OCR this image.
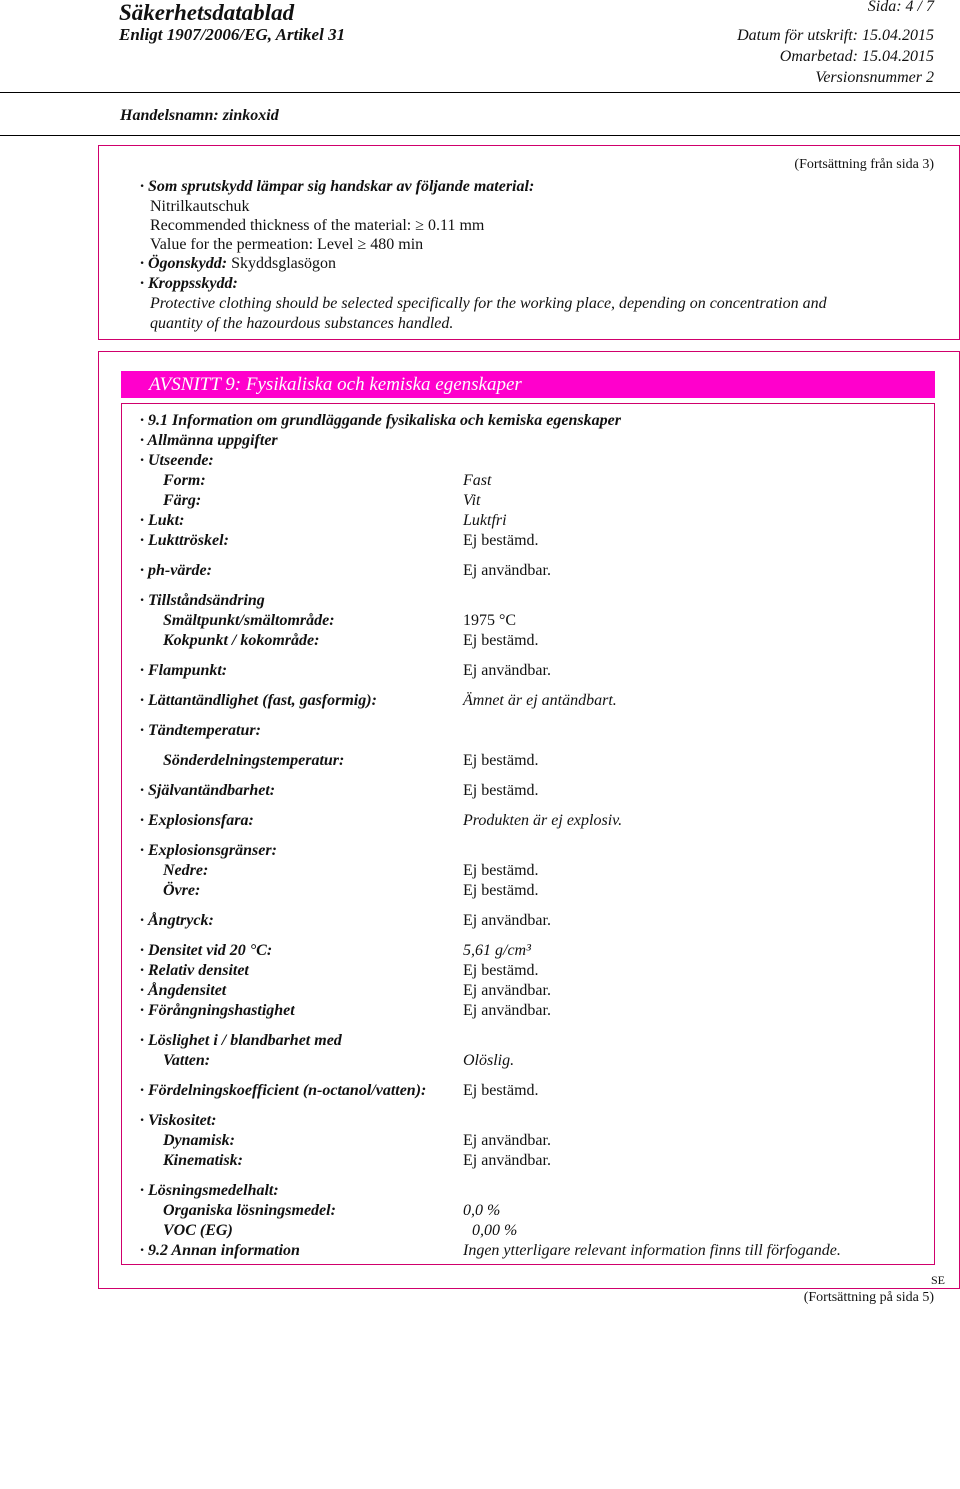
Säkerhetsdatablad
Enligt 1907/2006/EG, Artikel 31
Sida: 4 / 7
Datum för utskrift: 15.04.2015
Omarbetad: 15.04.2015
Versionsnummer 2
Handelsnamn: zinkoxid
(Fortsättning från sida 3)
· Som sprutskydd lämpar sig handskar av följande material:
Nitrilkautschuk
Recommended thickness of the material: ≥ 0.11 mm
Value for the permeation: Level ≥ 480 min
· Ögonskydd: Skyddsglasögon
· Kroppsskydd:
Protective clothing should be selected specifically for the working place, depending on concentration and
quantity of the hazourdous substances handled.
AVSNITT 9: Fysikaliska och kemiska egenskaper
· 9.1 Information om grundläggande fysikaliska och kemiska egenskaper
· Allmänna uppgifter
· Utseende:
Form:	Fast
Färg:	Vit
· Lukt:	Luktfri
· Lukttröskel:	Ej bestämd.
· ph-värde:	Ej användbar.
· Tillståndsändring
Smältpunkt/smältområde:	1975 °C
Kokpunkt / kokområde:	Ej bestämd.
· Flampunkt:	Ej användbar.
· Lättantändlighet (fast, gasformig):	Ämnet är ej antändbart.
· Tändtemperatur:
Sönderdelningstemperatur:	Ej bestämd.
· Självantändbarhet:	Ej bestämd.
· Explosionsfara:	Produkten är ej explosiv.
· Explosionsgränser:
Nedre:	Ej bestämd.
Övre:	Ej bestämd.
· Ångtryck:	Ej användbar.
· Densitet vid 20 °C:	5,61 g/cm³
· Relativ densitet	Ej bestämd.
· Ångdensitet	Ej användbar.
· Förångningshastighet	Ej användbar.
· Löslighet i / blandbarhet med
Vatten:	Olöslig.
· Fördelningskoefficient (n-octanol/vatten): Ej bestämd.
· Viskositet:
Dynamisk:	Ej användbar.
Kinematisk:	Ej användbar.
· Lösningsmedelhalt:
Organiska lösningsmedel:	0,0 %
VOC (EG)	0,00 %
· 9.2 Annan information	Ingen ytterligare relevant information finns till förfogande.
SE
(Fortsättning på sida 5)
